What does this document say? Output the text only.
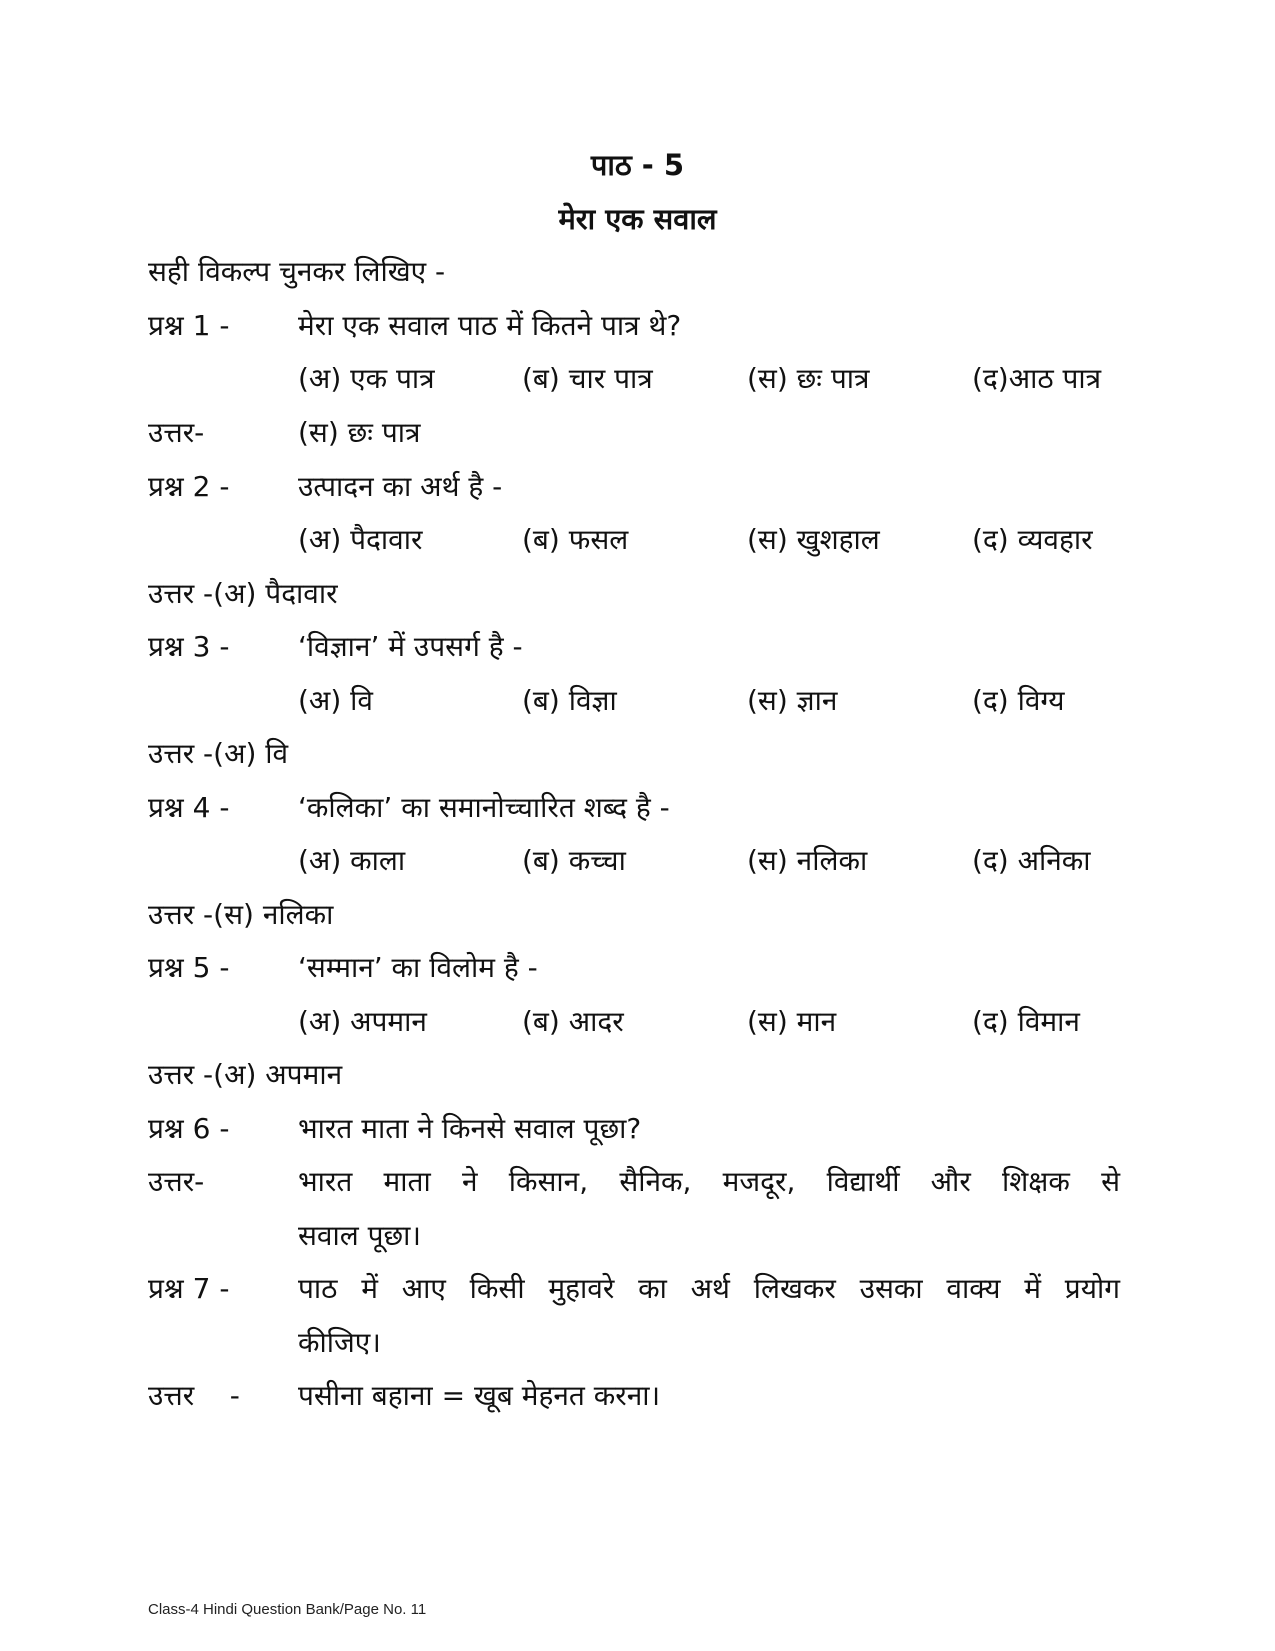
पाठ - 5
मेरा एक सवाल
सही विकल्प चुनकर लिखिए -
प्रश्न 1 - मेरा एक सवाल पाठ में कितने पात्र थे?
(अ) एक पात्र	(ब) चार पात्र	(स) छः पात्र	(द)आठ पात्र
उत्तर-	(स) छः पात्र
प्रश्न 2 - उत्पादन का अर्थ है -
(अ) पैदावार	(ब) फसल	(स) खुशहाल	(द) व्यवहार
उत्तर -(अ) पैदावार
प्रश्न 3 - ‘विज्ञान’ में उपसर्ग है -
(अ) वि	(ब) विज्ञा	(स) ज्ञान	(द) विग्य
उत्तर -(अ) वि
प्रश्न 4 - ‘कलिका’ का समानोच्चारित शब्द है -
(अ) काला	(ब) कच्चा	(स) नलिका	(द) अनिका
उत्तर -(स) नलिका
प्रश्न 5 - ‘सम्मान’ का विलोम है -
(अ) अपमान	(ब) आदर	(स) मान	(द) विमान
उत्तर -(अ) अपमान
प्रश्न 6 - भारत माता ने किनसे सवाल पूछा?
उत्तर-	भारत माता ने किसान, सैनिक, मजदूर, विद्यार्थी और शिक्षक से
सवाल पूछा।
प्रश्न 7 - पाठ में आए किसी मुहावरे का अर्थ लिखकर उसका वाक्य में प्रयोग
कीजिए।
उत्तर    - पसीना बहाना = खूब मेहनत करना।
Class-4 Hindi Question Bank/Page No. 11
